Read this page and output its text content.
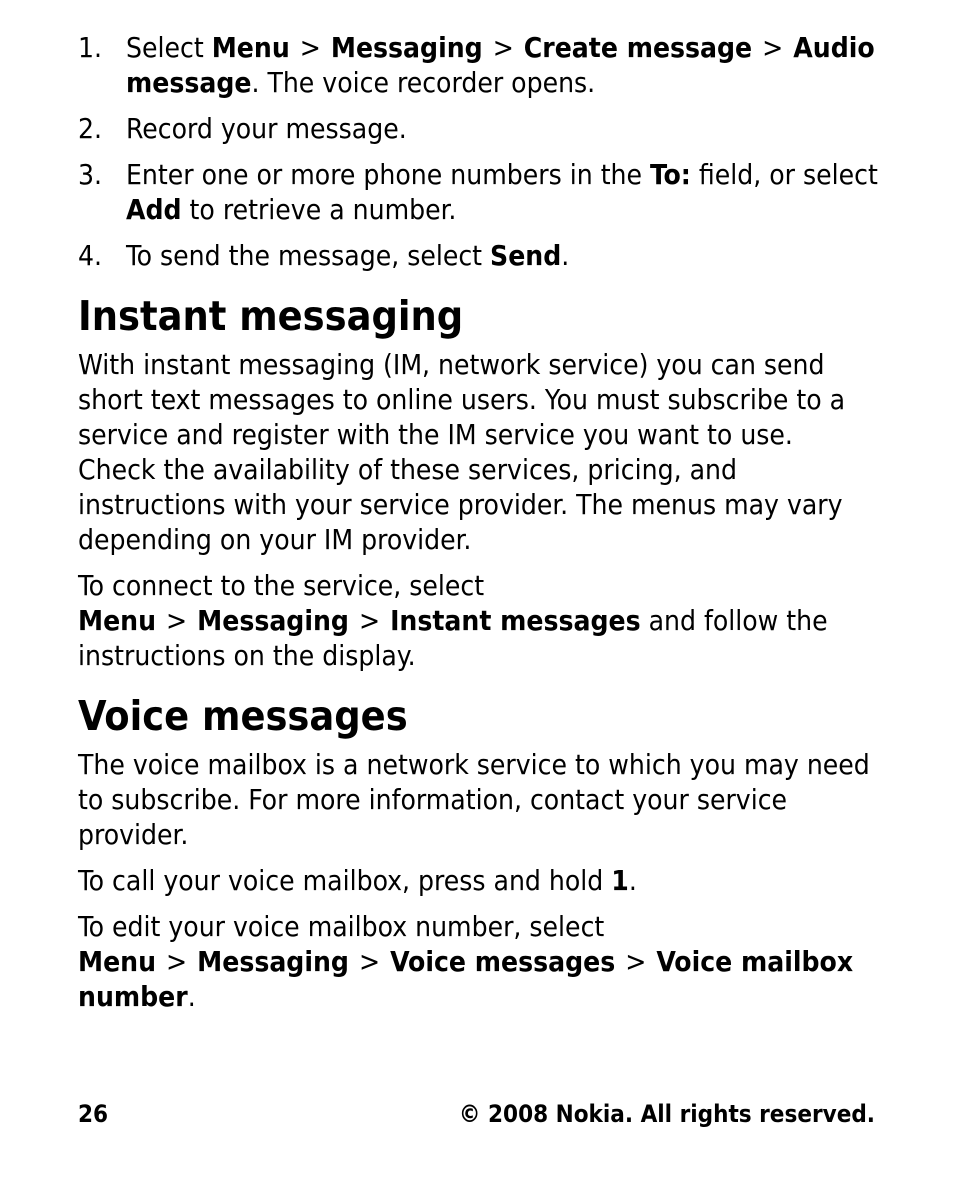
1. Select Menu > Messaging > Create message > Audio message. The voice recorder opens.
2. Record your message.
3. Enter one or more phone numbers in the To: field, or select Add to retrieve a number.
4. To send the message, select Send.
Instant messaging

With instant messaging (IM, network service) you can send short text messages to online users. You must subscribe to a service and register with the IM service you want to use. Check the availability of these services, pricing, and instructions with your service provider. The menus may vary depending on your IM provider.

To connect to the service, select Menu > Messaging > Instant messages and follow the instructions on the display.

Voice messages

The voice mailbox is a network service to which you may need to subscribe. For more information, contact your service provider.

To call your voice mailbox, press and hold 1.

To edit your voice mailbox number, select Menu > Messaging > Voice messages > Voice mailbox number.

26	© 2008 Nokia. All rights reserved.
